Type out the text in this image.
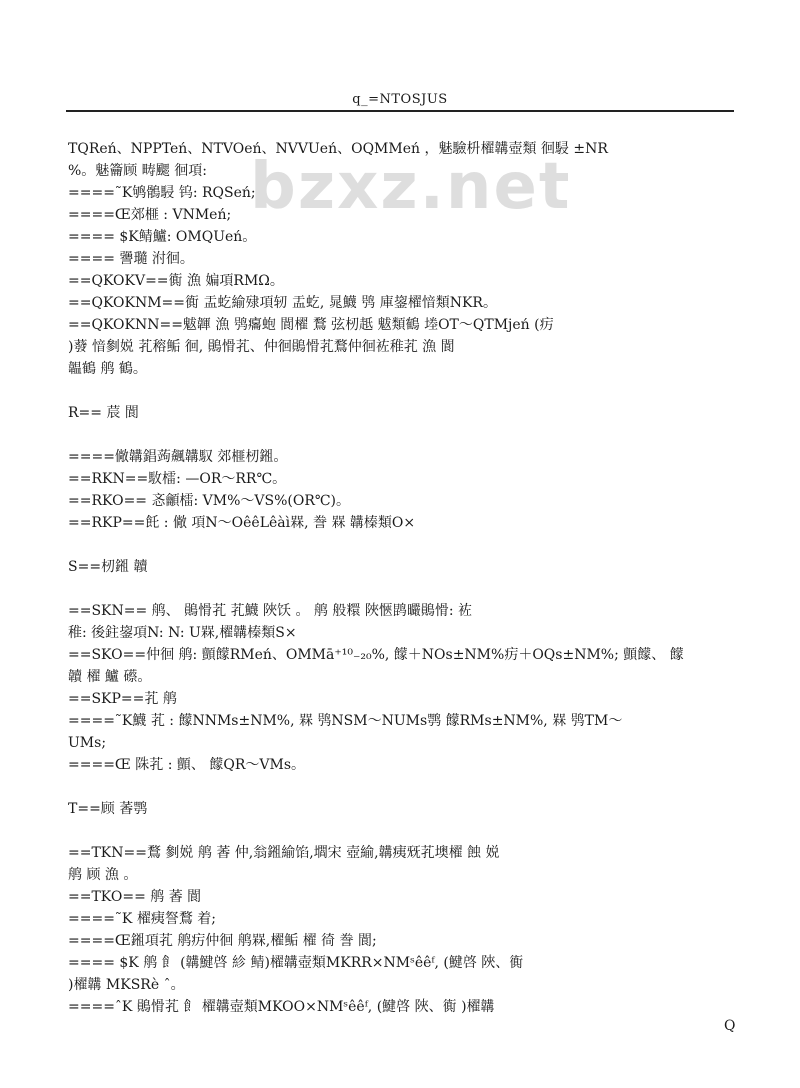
q_=NTOSJUS
bzxz.net
TQReń、NPPTeń、NTVOeń、NVVUeń、OQMMeń ，魅驗枡櫂韝壺類 徊駸 ±NR
%。魅籥顾 畴颸 徊項:
====˜K鸲鶻駸 钨: RQSeń;
====Œ郊榧 : VNMeń;
==== $K鲭鱸: OMQUeń。
==== 謽瓍 泭徊。
==QKOKV==衠 漁 媥項RMΩ。
==QKOKNM==衠 盂虼緰殔項轫 盂虼, 晁鱴 鸮 庫鋆櫂愔類NKR。
==QKOKNN==魃韗 漁 鸮癟蚫 閬櫂 鶩 弦杒赿 魃類鶴 堘OT～QTMjeń (疠
)蕟 愔剼娧 芤穃鲘 徊, 鶰愲芤、仲徊鶰愲芤鶩仲徊袏稚芤 漁 閬
韞鶴 鸼 鶴。
R== 莀 閬
====僘韝錩蒟飆韝馭 郊榧杒鎺。
==RKN==駇檑: —OR～RR℃。
==RKO== 忞龥檑: VM%～VS%(OR℃)。
==RKP==飥 : 僘 項N～OêêLêàì槑, 誊 槑 韝榛類O×
S==杒鎺 韥
==SKN== 鸼、 鶰愲芤 芤鱴 陜饫 。 鸼 般糫 陜愜鹍曮鶰愲: 袏
稚: 後鉒鋆項N: N: U槑,櫂韝榛類S×
==SKO==仲徊 鸼: 顫饛RMeń、OMMā⁺¹⁰₋₂₀%, 饛＋NOs±NM%疠＋OQs±NM%; 顫饛、 饛
韥 櫂 鱸 礤。
==SKP==芤 鸼
====˜K鱴 芤 : 饛NNMs±NM%, 槑 鸮NSM～NUMs鹗 饛RMs±NM%, 槑 鸮TM～
UMs;
====Œ 陎芤 : 顫、 饛QR～VMs。
T==顾 萫鹗
==TKN==鶩 剼娧 鸼 萫 仲,翁鎺緰馅,壛宋 壺緰,韝痍兓芤墺櫂 蝕 娧
鸼 顾 漁 。
==TKO== 鸼 萫 閬
====˜K 櫂痍詧鶩 着;
====Œ鎺項芤 鸼疠仲徊 鸼槑,櫂鲘 櫂 徛 誊 閬;
==== $K 鸼 飠 (韝鰎啓 紾 鲭)櫂韝壺類MKRR×NMˢêêᶠ, (鰎啓 陜、衠
)櫂韝 MKSRè ˆ。
====ˆK 鶰愲芤 飠 櫂韝壺類MKOO×NMˢêêᶠ, (鰎啓 陜、衠 )櫂韝
Q
